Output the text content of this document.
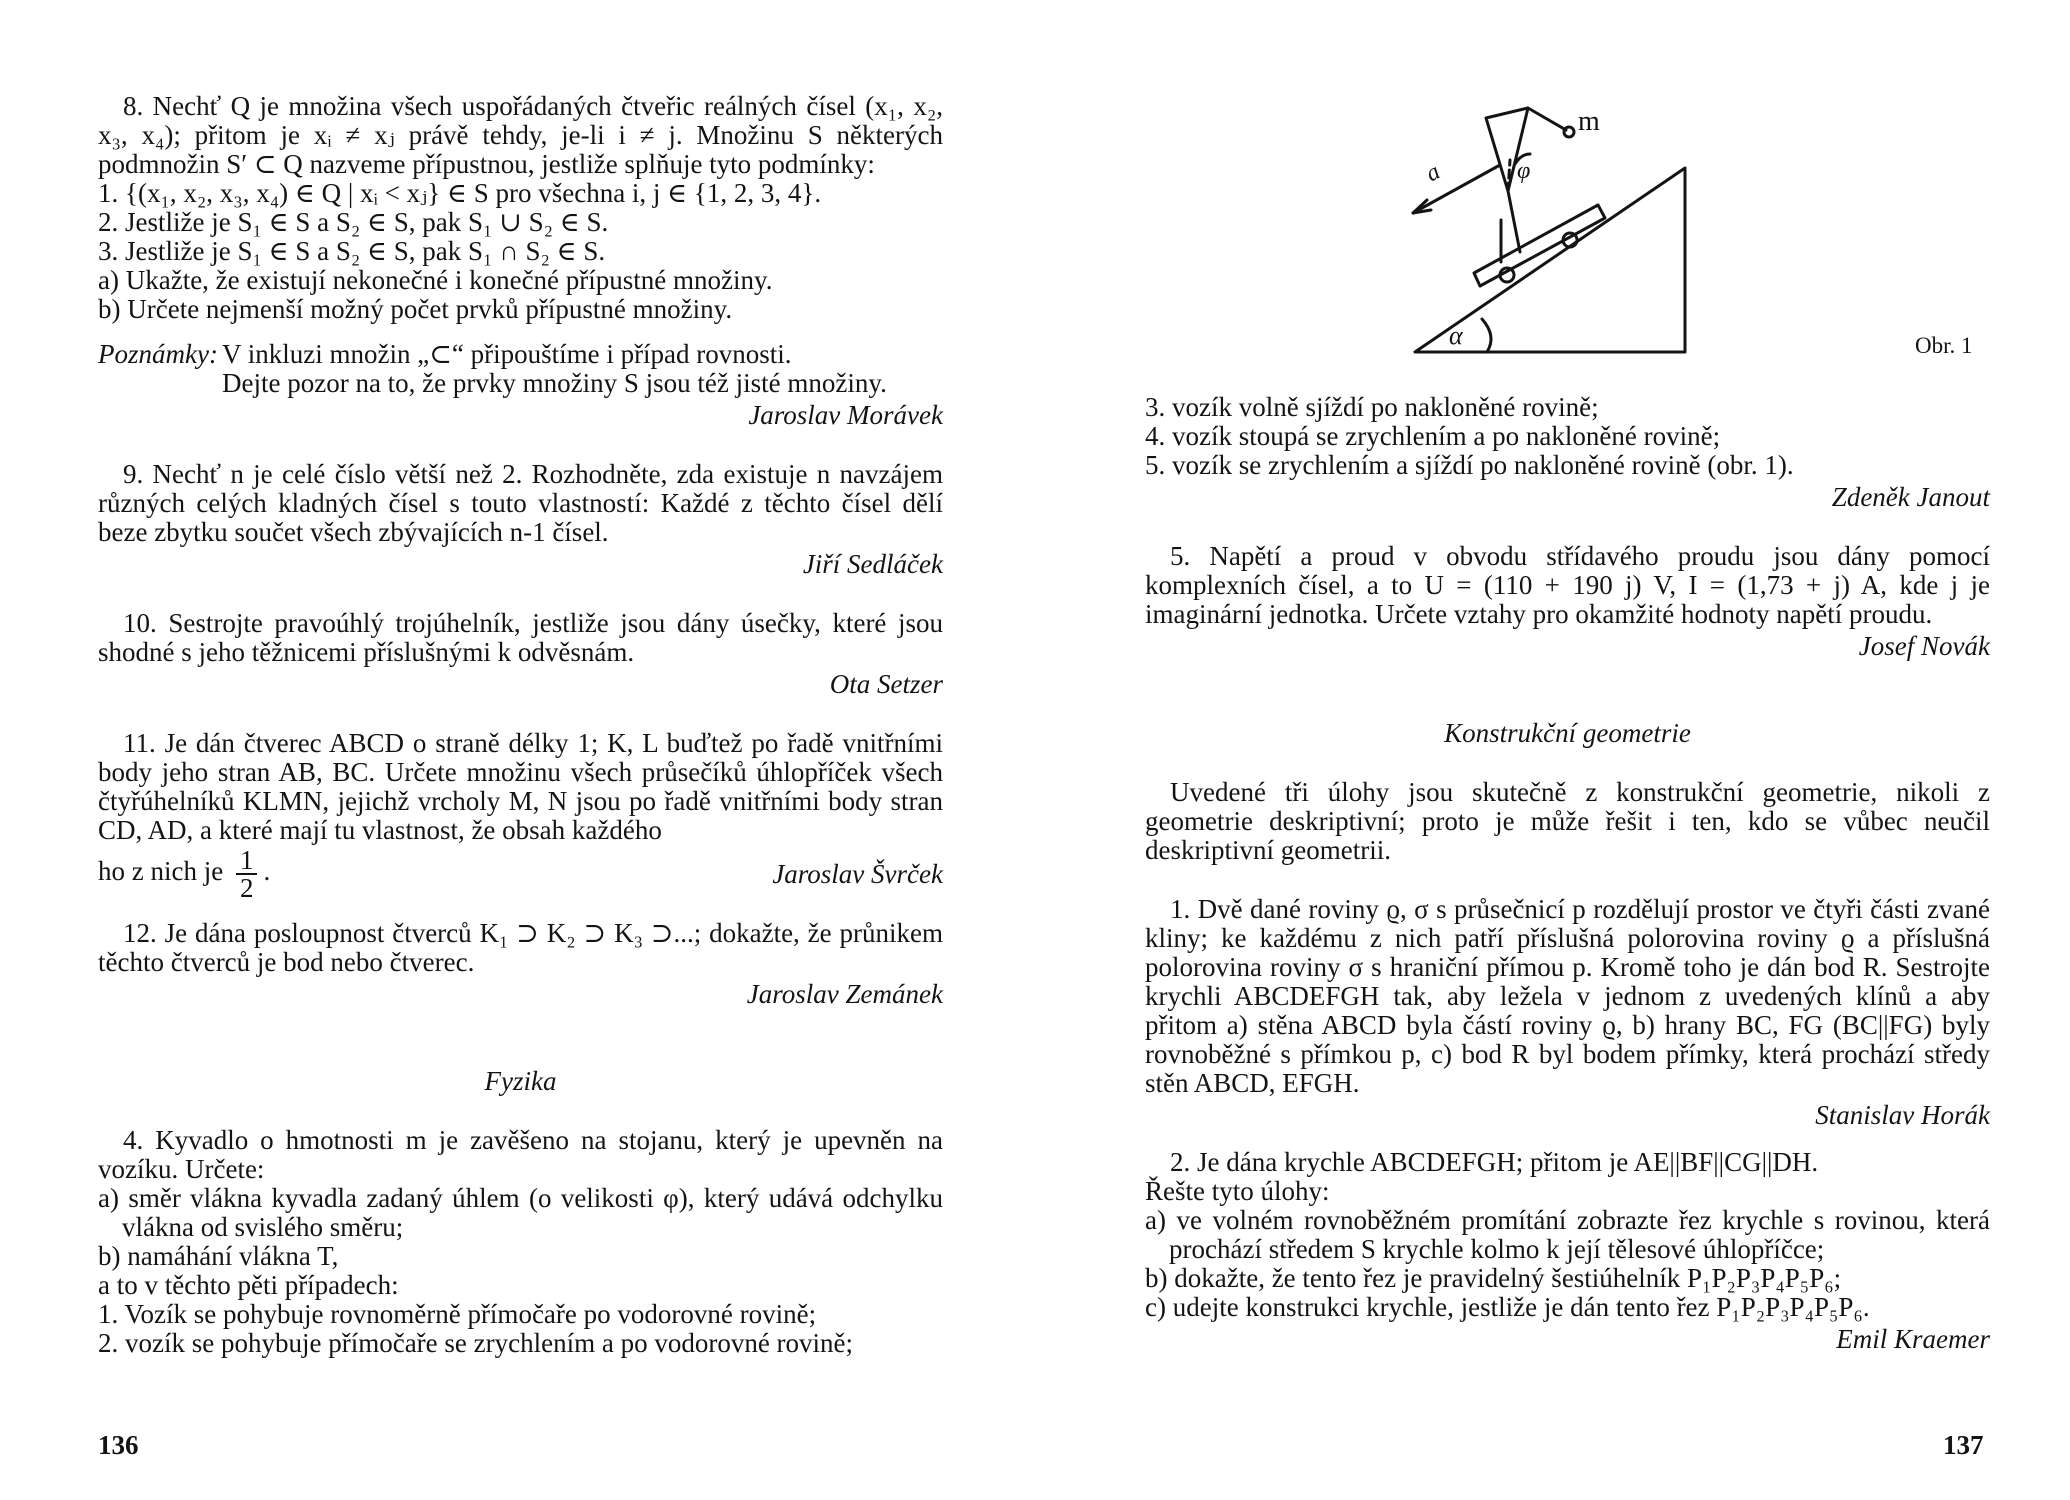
8. Nechť Q je množina všech uspořádaných čtveřic reálných čísel (x₁, x₂, x₃, x₄); přitom je xᵢ ≠ xⱼ právě tehdy, je-li i ≠ j. Množinu S některých podmnožin S′ ⊂ Q nazveme přípustnou, jestliže splňuje tyto podmínky:

1. {(x₁, x₂, x₃, x₄) ∈ Q | xᵢ < xⱼ} ∈ S pro všechna i, j ∈ {1, 2, 3, 4}.

2. Jestliže je S₁ ∈ S a S₂ ∈ S, pak S₁ ∪ S₂ ∈ S.

3. Jestliže je S₁ ∈ S a S₂ ∈ S, pak S₁ ∩ S₂ ∈ S.

a) Ukažte, že existují nekonečné i konečné přípustné množiny.

b) Určete nejmenší možný počet prvků přípustné množiny.

Poznámky: V inkluzi množin „⊂“ připouštíme i případ rovnosti.

Dejte pozor na to, že prvky množiny S jsou též jisté množiny.

Jaroslav Morávek

9. Nechť n je celé číslo větší než 2. Rozhodněte, zda existuje n navzájem různých celých kladných čísel s touto vlastností: Každé z těchto čísel dělí beze zbytku součet všech zbývajících n-1 čísel.

Jiří Sedláček

10. Sestrojte pravoúhlý trojúhelník, jestliže jsou dány úsečky, které jsou shodné s jeho těžnicemi příslušnými k odvěsnám.

Ota Setzer

11. Je dán čtverec ABCD o straně délky 1; K, L buďtež po řadě vnitřními body jeho stran AB, BC. Určete množinu všech průsečíků úhlopříček všech čtyřúhelníků KLMN, jejichž vrcholy M, N jsou po řadě vnitřními body stran CD, AD, a které mají tu vlastnost, že obsah každého

ho z nich je $\frac{1}{2}$ .	Jaroslav Švrček

12. Je dána posloupnost čtverců K₁ ⊃ K₂ ⊃ K₃ ⊃...; dokažte, že průnikem těchto čtverců je bod nebo čtverec.

Jaroslav Zemánek

Fyzika

4. Kyvadlo o hmotnosti m je zavěšeno na stojanu, který je upevněn na vozíku. Určete:

a) směr vlákna kyvadla zadaný úhlem (o velikosti φ), který udává odchylku vlákna od svislého směru;

b) namáhání vlákna T,

a to v těchto pěti případech:

1. Vozík se pohybuje rovnoměrně přímočaře po vodorovné rovině;

2. vozík se pohybuje přímočaře se zrychlením a po vodorovné rovině;

136
m
φ
a
α	Obr. 1

3. vozík volně sjíždí po nakloněné rovině;

4. vozík stoupá se zrychlením a po nakloněné rovině;

5. vozík se zrychlením a sjíždí po nakloněné rovině (obr. 1).

Zdeněk Janout

5. Napětí a proud v obvodu střídavého proudu jsou dány pomocí komplexních čísel, a to U = (110 + 190 j) V, I = (1,73 + j) A, kde j je imaginární jednotka. Určete vztahy pro okamžité hodnoty napětí proudu.

Josef Novák

Konstrukční geometrie

Uvedené tři úlohy jsou skutečně z konstrukční geometrie, nikoli z geometrie deskriptivní; proto je může řešit i ten, kdo se vůbec neučil deskriptivní geometrii.

1. Dvě dané roviny ϱ, σ s průsečnicí p rozdělují prostor ve čtyři části zvané kliny; ke každému z nich patří příslušná polorovina roviny ϱ a příslušná polorovina roviny σ s hraniční přímou p. Kromě toho je dán bod R. Sestrojte krychli ABCDEFGH tak, aby ležela v jednom z uvedených klínů a aby přitom a) stěna ABCD byla částí roviny ϱ, b) hrany BC, FG (BC||FG) byly rovnoběžné s přímkou p, c) bod R byl bodem přímky, která prochází středy stěn ABCD, EFGH.

Stanislav Horák

2. Je dána krychle ABCDEFGH; přitom je AE||BF||CG||DH.

Řešte tyto úlohy:

a) ve volném rovnoběžném promítání zobrazte řez krychle s rovinou, která prochází středem S krychle kolmo k její tělesové úhlopříčce;

b) dokažte, že tento řez je pravidelný šestiúhelník P₁P₂P₃P₄P₅P₆;

c) udejte konstrukci krychle, jestliže je dán tento řez P₁P₂P₃P₄P₅P₆.

Emil Kraemer

137
